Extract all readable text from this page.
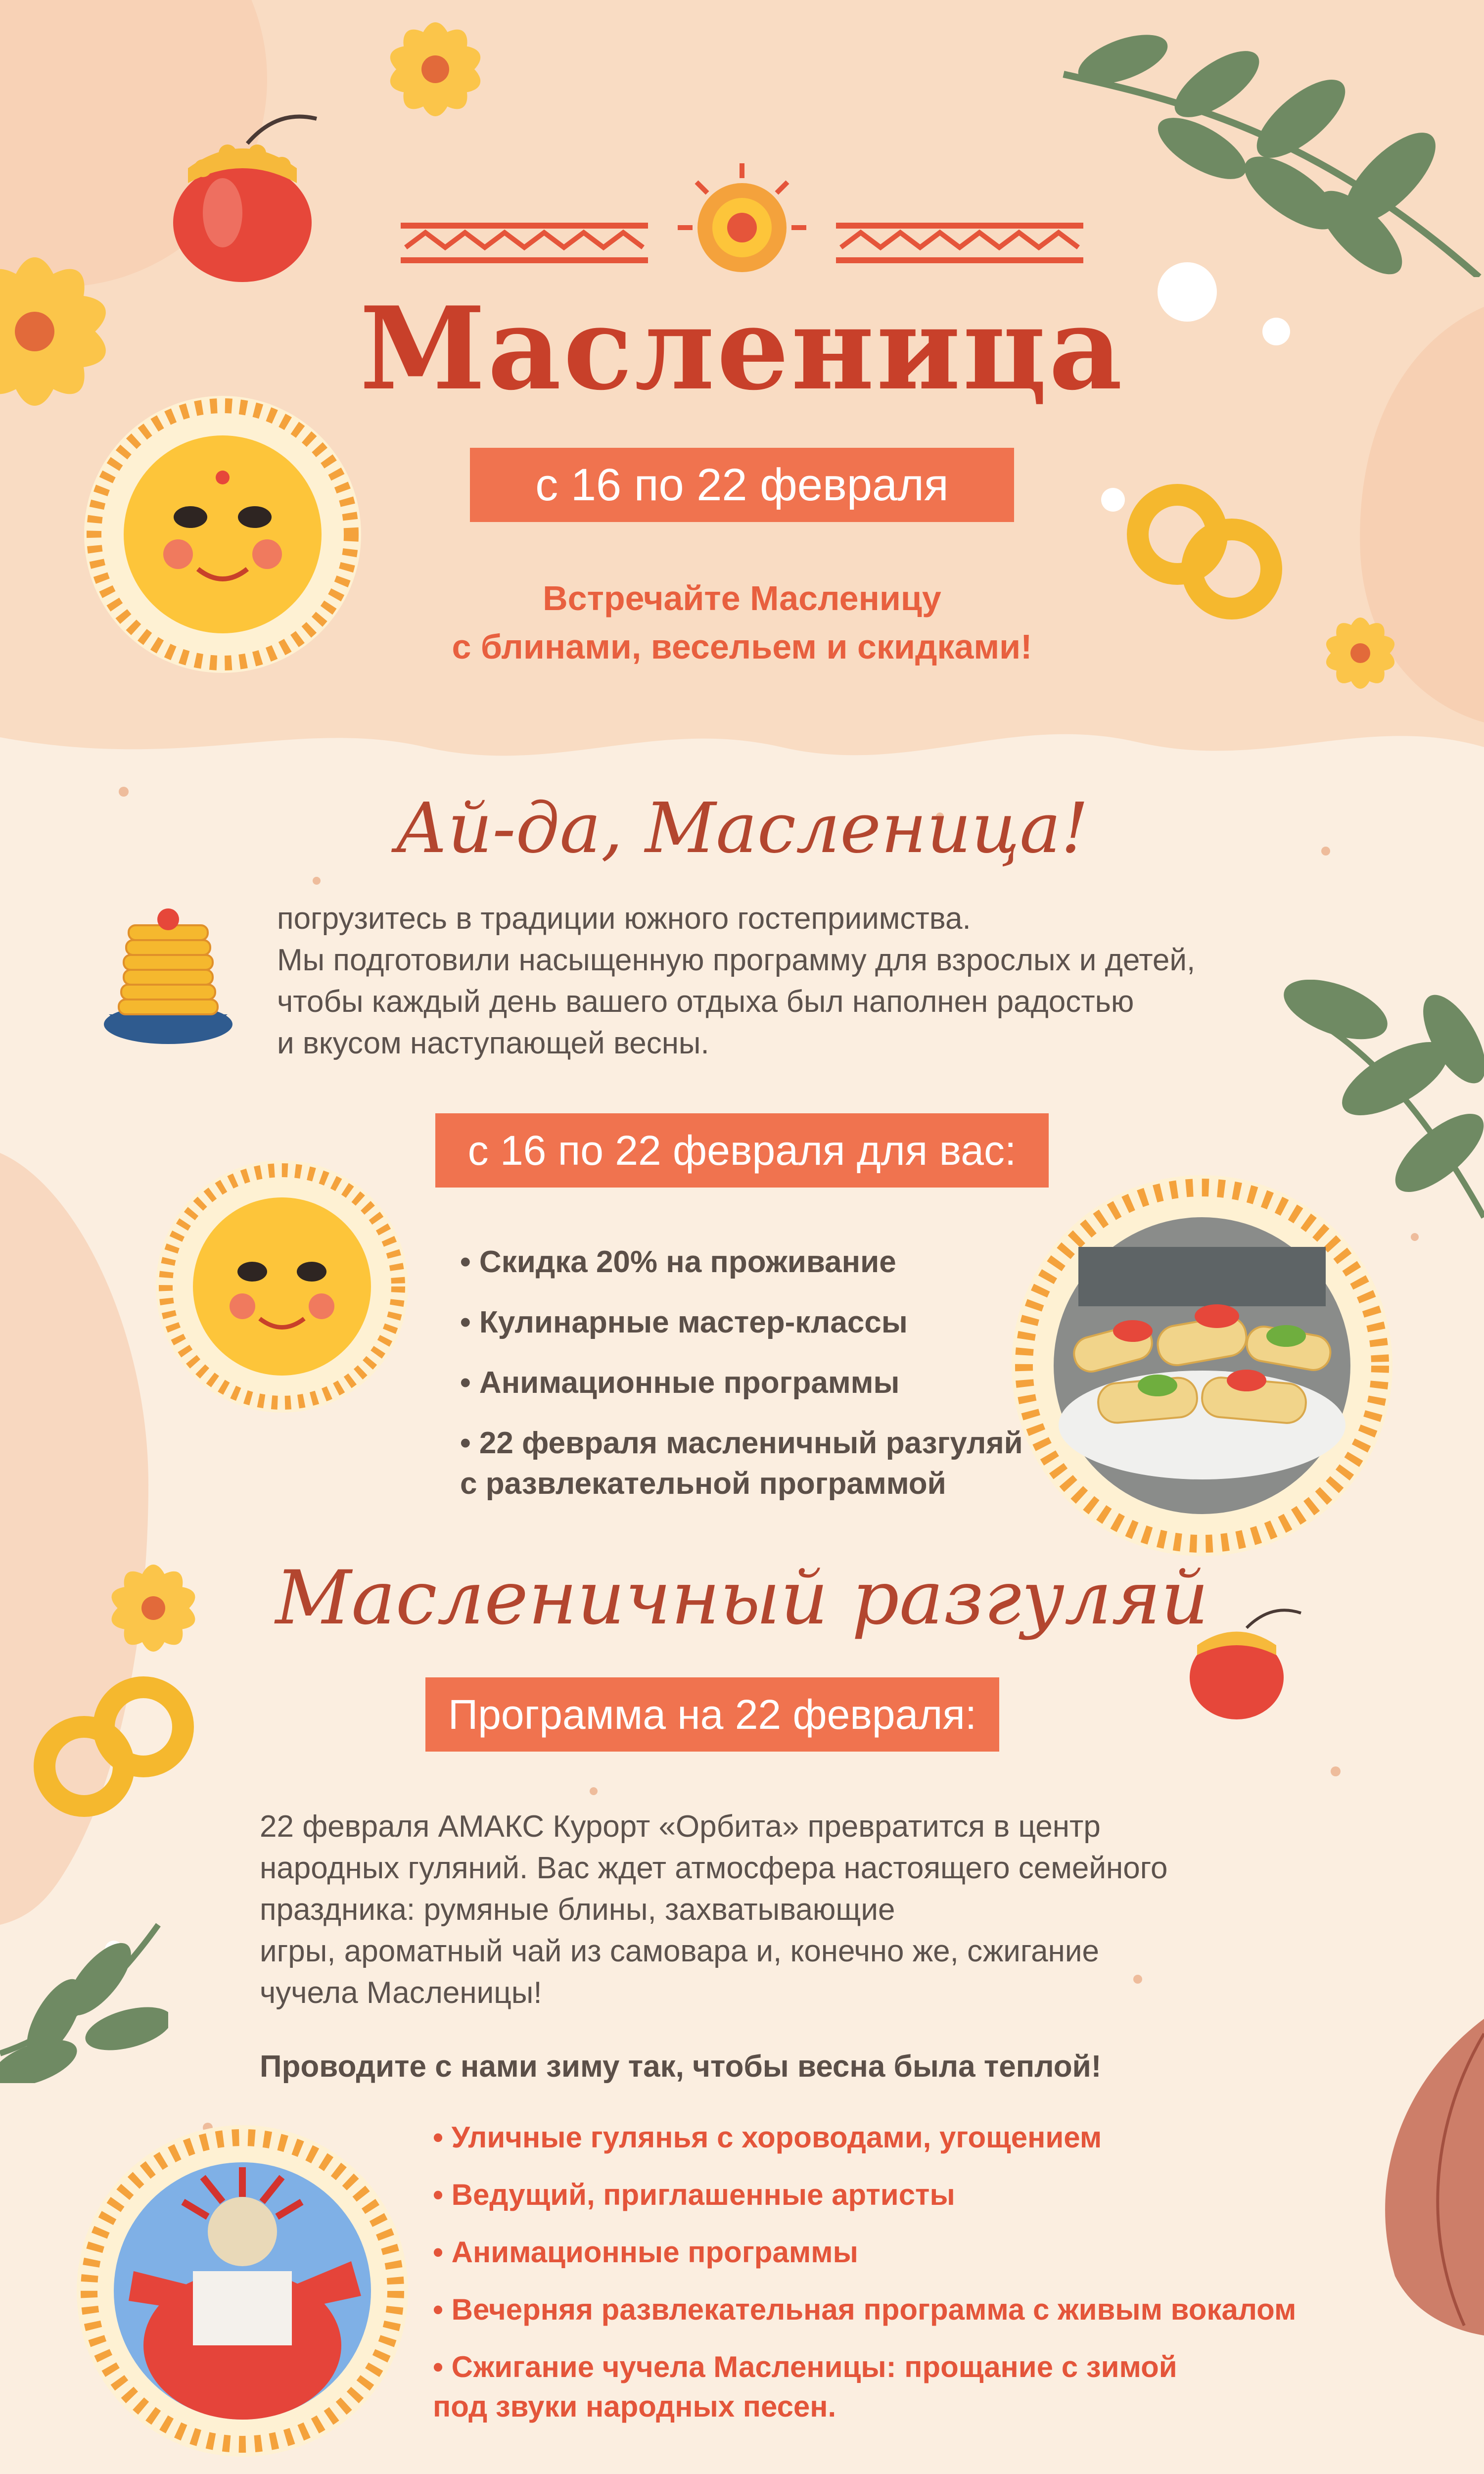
Масленица
с 16 по 22 февраля
Встречайте Масленицу
с блинами, весельем и скидками!
Ай-да, Масленица!
погрузитесь в традиции южного гостеприимства.
Мы подготовили насыщенную программу для взрослых и детей,
чтобы каждый день вашего отдыха был наполнен радостью
и вкусом наступающей весны.
с 16 по 22 февраля для вас:
• Скидка 20% на проживание
• Кулинарные мастер-классы
• Анимационные программы
• 22 февраля масленичный разгуляй
с развлекательной программой
Масленичный разгуляй
Программа на 22 февраля:
22 февраля АМАКС Курорт «Орбита» превратится в центр
народных гуляний. Вас ждет атмосфера настоящего семейного
праздника: румяные блины, захватывающие
игры, ароматный чай из самовара и, конечно же, сжигание
чучела Масленицы!
Проводите с нами зиму так, чтобы весна была теплой!
• Уличные гулянья с хороводами, угощением
• Ведущий, приглашенные артисты
• Анимационные программы
• Вечерняя развлекательная программа с живым вокалом
• Сжигание чучела Масленицы: прощание с зимой
под звуки народных песен.
